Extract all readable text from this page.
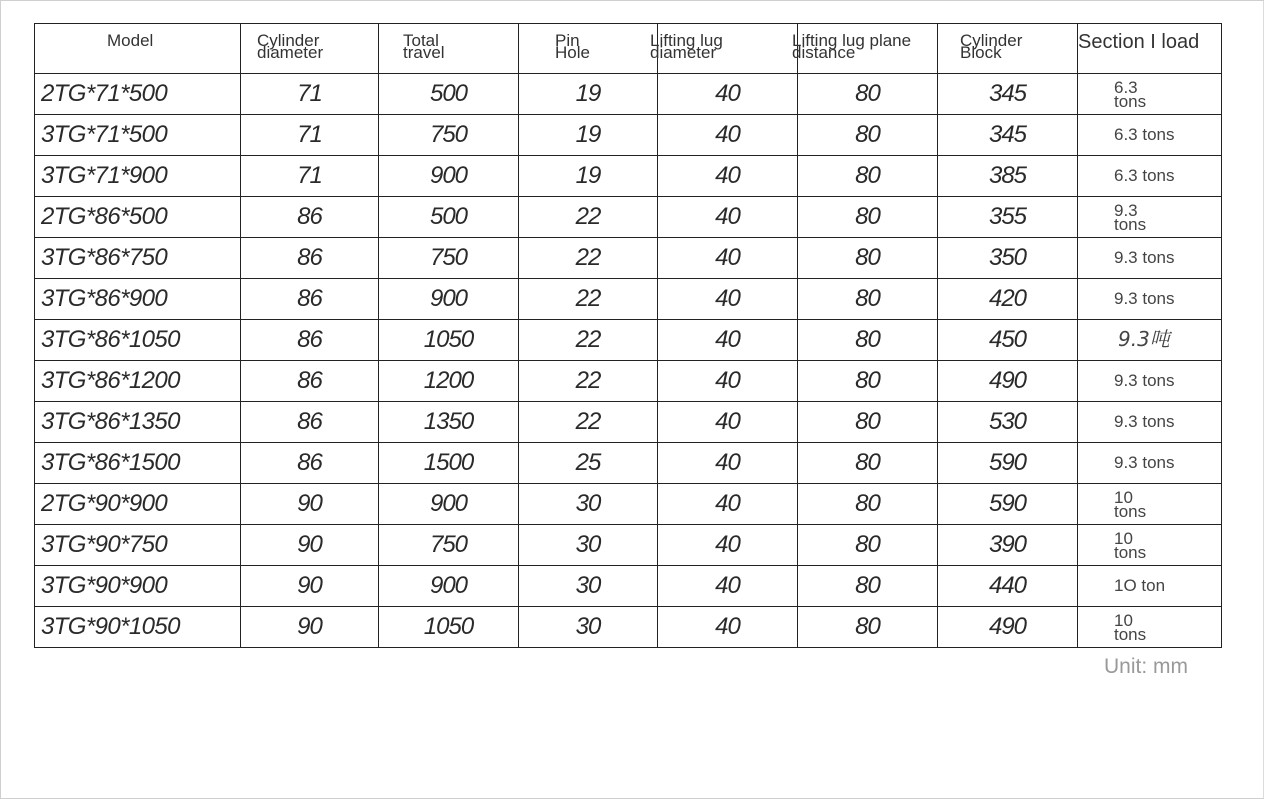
Model	Cylinder diameter	Total travel	Pin Hole	Lifting lug diameter	Lifting lug plane distance	Cylinder Block	Section I load
2TG*71*500	71	500	19	40	80	345	6.3 tons
3TG*71*500	71	750	19	40	80	345	6.3 tons
3TG*71*900	71	900	19	40	80	385	6.3 tons
2TG*86*500	86	500	22	40	80	355	9.3 tons
3TG*86*750	86	750	22	40	80	350	9.3 tons
3TG*86*900	86	900	22	40	80	420	9.3 tons
3TG*86*1050	86	1050	22	40	80	450	9.3吨
3TG*86*1200	86	1200	22	40	80	490	9.3 tons
3TG*86*1350	86	1350	22	40	80	530	9.3 tons
3TG*86*1500	86	1500	25	40	80	590	9.3 tons
2TG*90*900	90	900	30	40	80	590	10 tons
3TG*90*750	90	750	30	40	80	390	10 tons
3TG*90*900	90	900	30	40	80	440	1O ton
3TG*90*1050	90	1050	30	40	80	490	10 tons
Unit: mm
